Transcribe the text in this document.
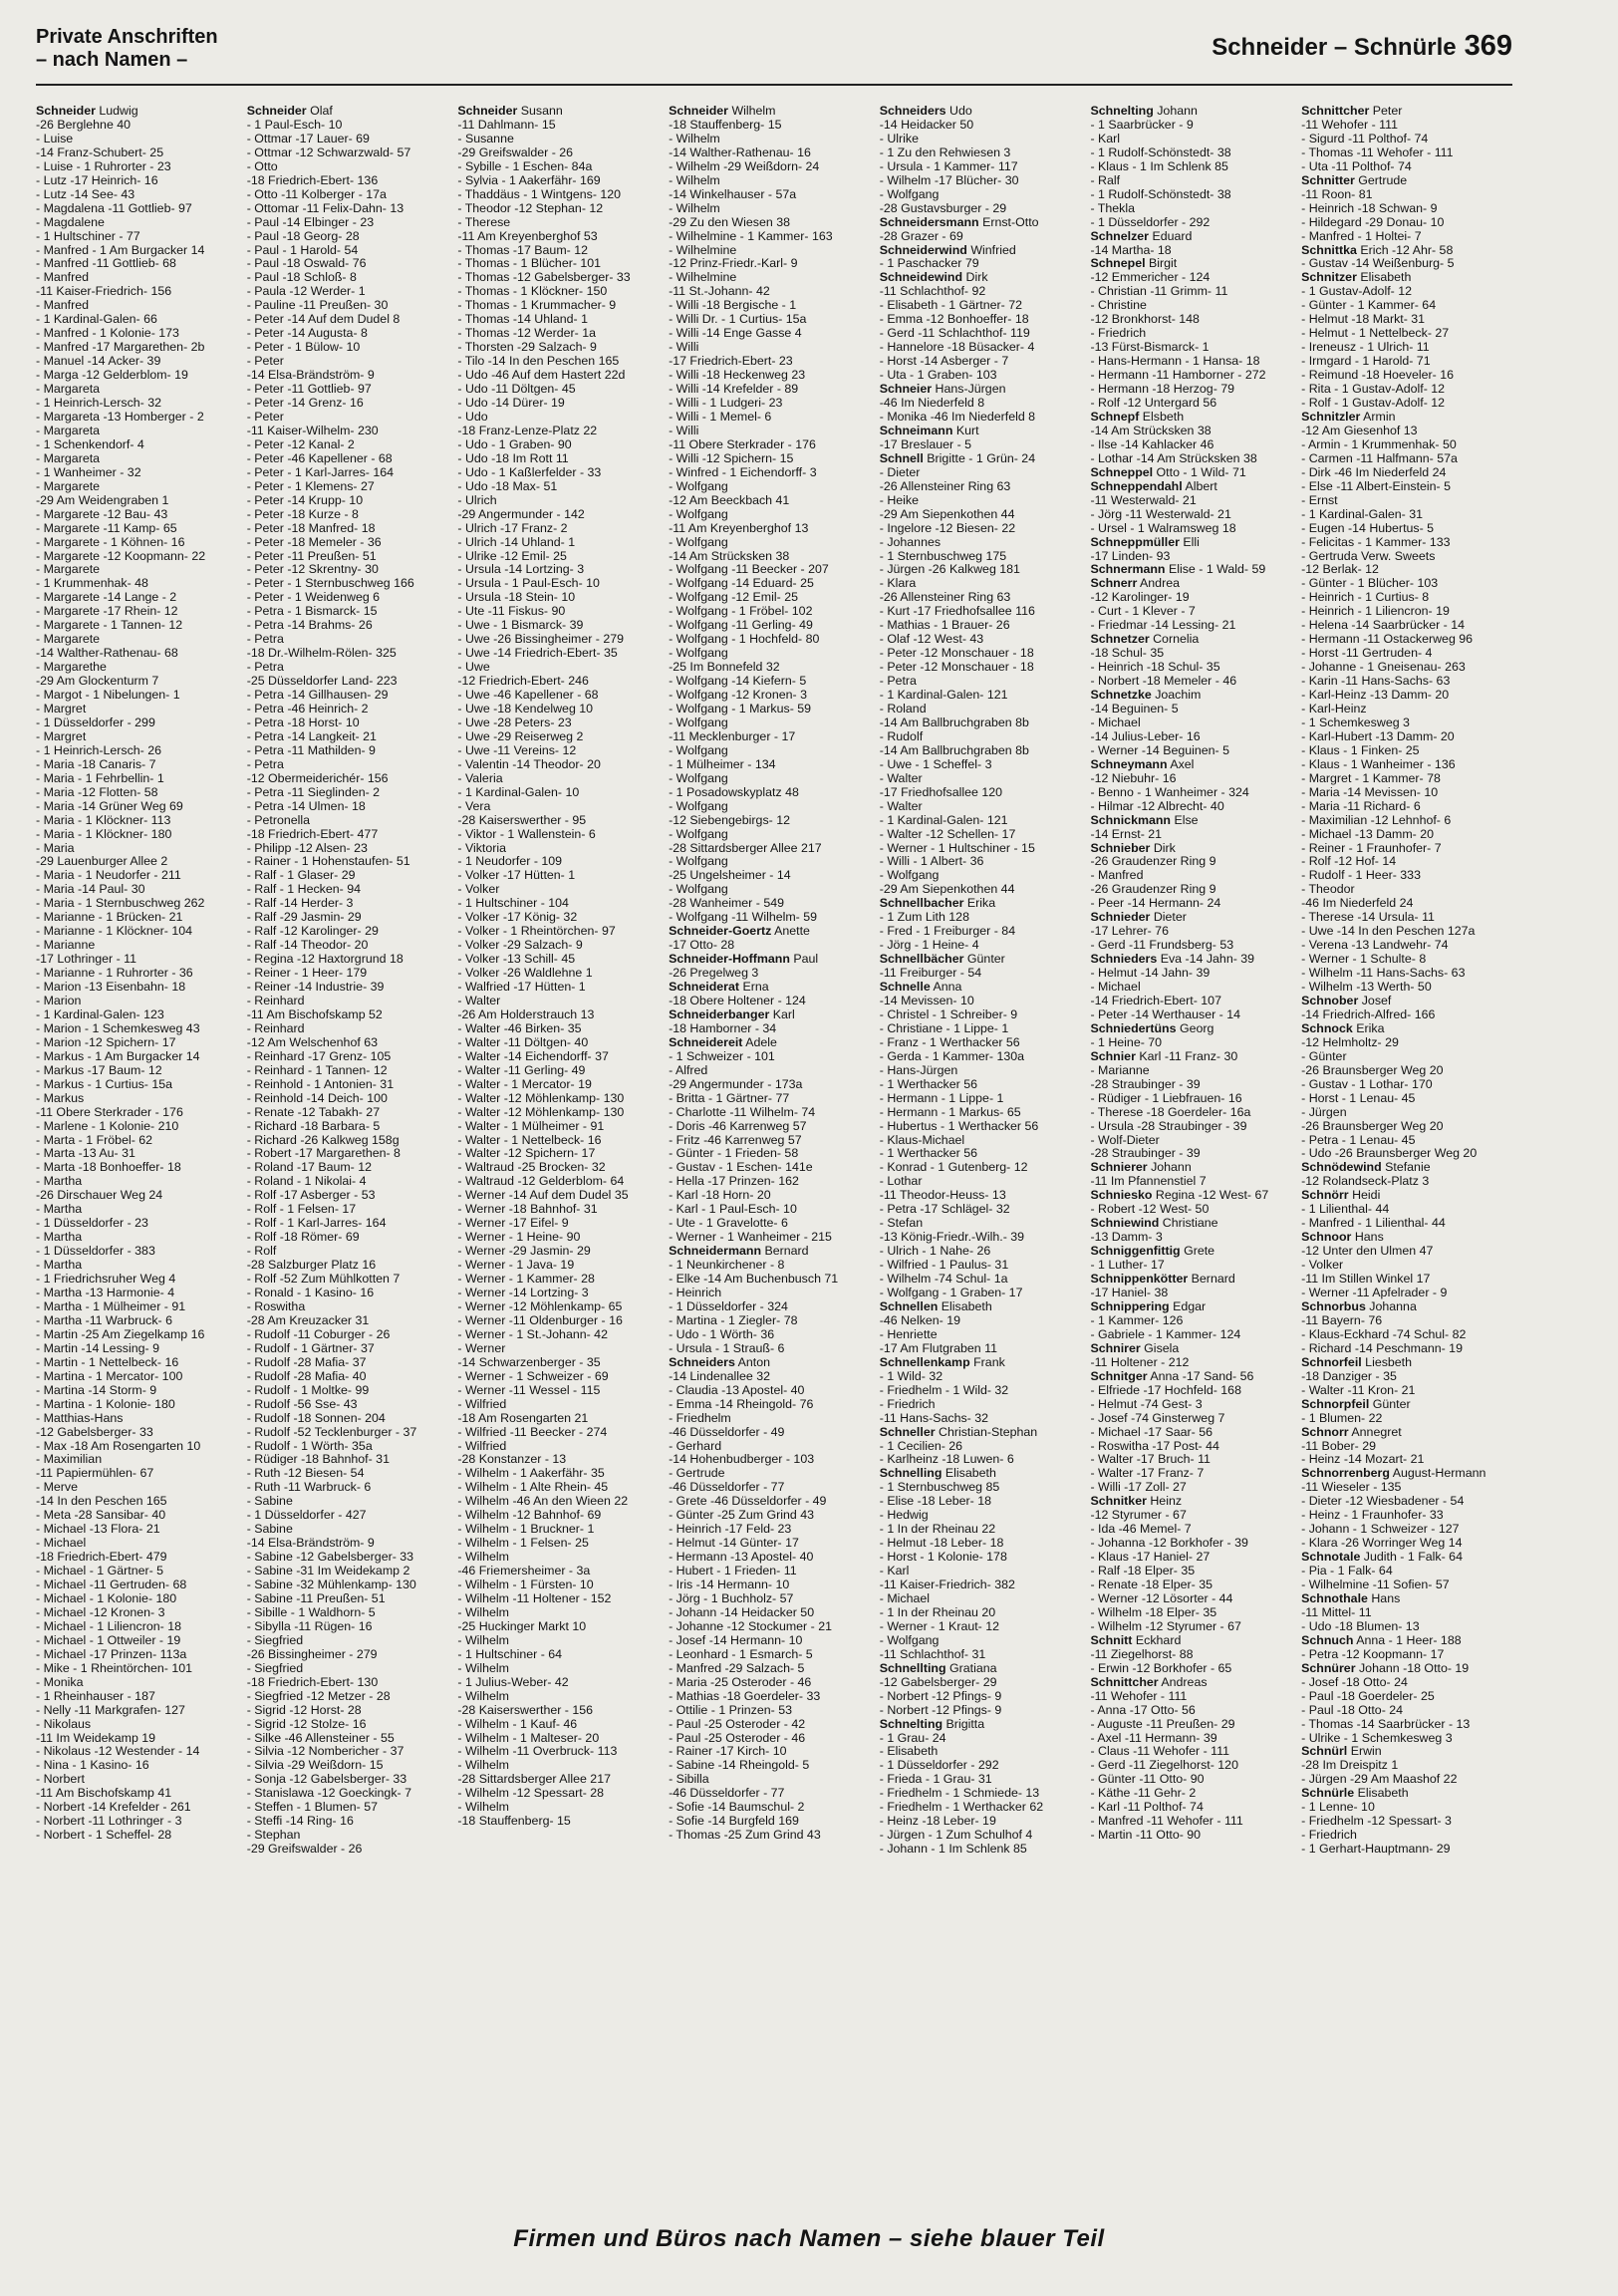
Private Anschriften
– nach Namen –	Schneider – Schnürle 369
Schneider Ludwig
-26 Berglehne 40
- Luise
-14 Franz-Schubert- 25
- Luise - 1 Ruhrorter - 23
- Lutz -17 Heinrich- 16
- Lutz -14 See- 43
- Magdalena -11 Gottlieb- 97
- Magdalene
- 1 Hultschiner - 77
- Manfred - 1 Am Burgacker 14
- Manfred -11 Gottlieb- 68
- Manfred
-11 Kaiser-Friedrich- 156
- Manfred
- 1 Kardinal-Galen- 66
- Manfred - 1 Kolonie- 173
- Manfred -17 Margarethen- 2b
- Manuel -14 Acker- 39
- Marga -12 Gelderblom- 19
- Margareta
- 1 Heinrich-Lersch- 32
- Margareta -13 Homberger - 2
- Margareta
- 1 Schenkendorf- 4
- Margareta
- 1 Wanheimer - 32
- Margarete
-29 Am Weidengraben 1
- Margarete -12 Bau- 43
- Margarete -11 Kamp- 65
- Margarete - 1 Köhnen- 16
- Margarete -12 Koopmann- 22
- Margarete
- 1 Krummenhak- 48
- Margarete -14 Lange - 2
- Margarete -17 Rhein- 12
- Margarete - 1 Tannen- 12
- Margarete
-14 Walther-Rathenau- 68
- Margarethe
-29 Am Glockenturm 7
- Margot - 1 Nibelungen- 1
- Margret
- 1 Düsseldorfer - 299
- Margret
- 1 Heinrich-Lersch- 26
- Maria -18 Canaris- 7
- Maria - 1 Fehrbellin- 1
- Maria -12 Flotten- 58
- Maria -14 Grüner Weg 69
- Maria - 1 Klöckner- 113
- Maria - 1 Klöckner- 180
- Maria
-29 Lauenburger Allee 2
- Maria - 1 Neudorfer - 211
- Maria -14 Paul- 30
- Maria - 1 Sternbuschweg 262
- Marianne - 1 Brücken- 21
- Marianne - 1 Klöckner- 104
- Marianne
-17 Lothringer - 11
- Marianne - 1 Ruhrorter - 36
- Marion -13 Eisenbahn- 18
- Marion
- 1 Kardinal-Galen- 123
- Marion - 1 Schemkesweg 43
- Marion -12 Spichern- 17
- Markus - 1 Am Burgacker 14
- Markus -17 Baum- 12
- Markus - 1 Curtius- 15a
- Markus
-11 Obere Sterkrader - 176
- Marlene - 1 Kolonie- 210
- Marta - 1 Fröbel- 62
- Marta -13 Au- 31
- Marta -18 Bonhoeffer- 18
- Martha
-26 Dirschauer Weg 24
- Martha
- 1 Düsseldorfer - 23
- Martha
- 1 Düsseldorfer - 383
- Martha
- 1 Friedrichsruher Weg 4
- Martha -13 Harmonie- 4
- Martha - 1 Mülheimer - 91
- Martha -11 Warbruck- 6
- Martin -25 Am Ziegelkamp 16
- Martin -14 Lessing- 9
- Martin - 1 Nettelbeck- 16
- Martina - 1 Mercator- 100
- Martina -14 Storm- 9
- Martina - 1 Kolonie- 180
- Matthias-Hans
-12 Gabelsberger- 33
- Max -18 Am Rosengarten 10
- Maximilian
-11 Papiermühlen- 67
- Merve
-14 In den Peschen 165
- Meta -28 Sansibar- 40
- Michael -13 Flora- 21
- Michael
-18 Friedrich-Ebert- 479
- Michael - 1 Gärtner- 5
- Michael -11 Gertruden- 68
- Michael - 1 Kolonie- 180
- Michael -12 Kronen- 3
- Michael - 1 Liliencron- 18
- Michael - 1 Ottweiler - 19
- Michael -17 Prinzen- 113a
- Mike - 1 Rheintörchen- 101
- Monika
- 1 Rheinhauser - 187
- Nelly -11 Markgrafen- 127
- Nikolaus
-11 Im Weidekamp 19
- Nikolaus -12 Westender - 14
- Nina - 1 Kasino- 16
- Norbert
-11 Am Bischofskamp 41
- Norbert -14 Krefelder - 261
- Norbert -11 Lothringer - 3
- Norbert - 1 Scheffel- 28
Schneider Olaf
- 1 Paul-Esch- 10
- Ottmar -17 Lauer- 69
- Ottmar -12 Schwarzwald- 57
- Otto
-18 Friedrich-Ebert- 136
- Otto -11 Kolberger - 17a
- Ottomar -11 Felix-Dahn- 13
- Paul -14 Elbinger - 23
- Paul -18 Georg- 28
- Paul - 1 Harold- 54
- Paul -18 Oswald- 76
- Paul -18 Schloß- 8
- Paula -12 Werder- 1
- Pauline -11 Preußen- 30
- Peter -14 Auf dem Dudel 8
- Peter -14 Augusta- 8
- Peter - 1 Bülow- 10
- Peter
-14 Elsa-Brändström- 9
- Peter -11 Gottlieb- 97
- Peter -14 Grenz- 16
- Peter
-11 Kaiser-Wilhelm- 230
- Peter -12 Kanal- 2
- Peter -46 Kapellener - 68
- Peter - 1 Karl-Jarres- 164
- Peter - 1 Klemens- 27
- Peter -14 Krupp- 10
- Peter -18 Kurze - 8
- Peter -18 Manfred- 18
- Peter -18 Memeler - 36
- Peter -11 Preußen- 51
- Peter -12 Skrentny- 30
- Peter - 1 Sternbuschweg 166
- Peter - 1 Weidenweg 6
- Petra - 1 Bismarck- 15
- Petra -14 Brahms- 26
- Petra
-18 Dr.-Wilhelm-Rölen- 325
- Petra
-25 Düsseldorfer Land- 223
- Petra -14 Gillhausen- 29
- Petra -46 Heinrich- 2
- Petra -18 Horst- 10
- Petra -14 Langkeit- 21
- Petra -11 Mathilden- 9
- Petra
-12 Obermeiderichér- 156
- Petra -11 Sieglinden- 2
- Petra -14 Ulmen- 18
- Petronella
-18 Friedrich-Ebert- 477
- Philipp -12 Alsen- 23
- Rainer - 1 Hohenstaufen- 51
- Ralf - 1 Glaser- 29
- Ralf - 1 Hecken- 94
- Ralf -14 Herder- 3
- Ralf -29 Jasmin- 29
- Ralf -12 Karolinger- 29
- Ralf -14 Theodor- 20
- Regina -12 Haxtorgrund 18
- Reiner - 1 Heer- 179
- Reiner -14 Industrie- 39
- Reinhard
-11 Am Bischofskamp 52
- Reinhard
-12 Am Welschenhof 63
- Reinhard -17 Grenz- 105
- Reinhard - 1 Tannen- 12
- Reinhold - 1 Antonien- 31
- Reinhold -14 Deich- 100
- Renate -12 Tabakh- 27
- Richard -18 Barbara- 5
- Richard -26 Kalkweg 158g
- Robert -17 Margarethen- 8
- Roland -17 Baum- 12
- Roland - 1 Nikolai- 4
- Rolf -17 Asberger - 53
- Rolf - 1 Felsen- 17
- Rolf - 1 Karl-Jarres- 164
- Rolf -18 Römer- 69
- Rolf
-28 Salzburger Platz 16
- Rolf -52 Zum Mühlkotten 7
- Ronald - 1 Kasino- 16
- Roswitha
-28 Am Kreuzacker 31
- Rudolf -11 Coburger - 26
- Rudolf - 1 Gärtner- 37
- Rudolf -28 Mafia- 37
- Rudolf -28 Mafia- 40
- Rudolf - 1 Moltke- 99
- Rudolf -56 Sse- 43
- Rudolf -18 Sonnen- 204
- Rudolf -52 Tecklenburger - 37
- Rudolf - 1 Wörth- 35a
- Rüdiger -18 Bahnhof- 31
- Ruth -12 Biesen- 54
- Ruth -11 Warbruck- 6
- Sabine
- 1 Düsseldorfer - 427
- Sabine
-14 Elsa-Brändström- 9
- Sabine -12 Gabelsberger- 33
- Sabine -31 Im Weidekamp 2
- Sabine -32 Mühlenkamp- 130
- Sabine -11 Preußen- 51
- Sibille - 1 Waldhorn- 5
- Sibylla -11 Rügen- 16
- Siegfried
-26 Bissingheimer - 279
- Siegfried
-18 Friedrich-Ebert- 130
- Siegfried -12 Metzer - 28
- Sigrid -12 Horst- 28
- Sigrid -12 Stolze- 16
- Silke -46 Allensteiner - 55
- Silvia -12 Nombericher - 37
- Silvia -29 Weißdorn- 15
- Sonja -12 Gabelsberger- 33
- Stanislawa -12 Goeckingk- 7
- Steffen - 1 Blumen- 57
- Steffi -14 Ring- 16
- Stephan
-29 Greifswalder - 26
Schneider Susann
-11 Dahlmann- 15
- Susanne
-29 Greifswalder - 26
- Sybille - 1 Eschen- 84a
- Sylvia - 1 Aakerfähr- 169
- Thaddäus - 1 Wintgens- 120
- Theodor -12 Stephan- 12
- Therese
-11 Am Kreyenberghof 53
- Thomas -17 Baum- 12
- Thomas - 1 Blücher- 101
- Thomas -12 Gabelsberger- 33
- Thomas - 1 Klöckner- 150
- Thomas - 1 Krummacher- 9
- Thomas -14 Uhland- 1
- Thomas -12 Werder- 1a
- Thorsten -29 Salzach- 9
- Tilo -14 In den Peschen 165
- Udo -46 Auf dem Hastert 22d
- Udo -11 Döltgen- 45
- Udo -14 Dürer- 19
- Udo
-18 Franz-Lenze-Platz 22
- Udo - 1 Graben- 90
- Udo -18 Im Rott 11
- Udo - 1 Kaßlerfelder - 33
- Udo -18 Max- 51
- Ulrich
-29 Angermunder - 142
- Ulrich -17 Franz- 2
- Ulrich -14 Uhland- 1
- Ulrike -12 Emil- 25
- Ursula -14 Lortzing- 3
- Ursula - 1 Paul-Esch- 10
- Ursula -18 Stein- 10
- Ute -11 Fiskus- 90
- Uwe - 1 Bismarck- 39
- Uwe -26 Bissingheimer - 279
- Uwe -14 Friedrich-Ebert- 35
- Uwe
-12 Friedrich-Ebert- 246
- Uwe -46 Kapellener - 68
- Uwe -18 Kendelweg 10
- Uwe -28 Peters- 23
- Uwe -29 Reiserweg 2
- Uwe -11 Vereins- 12
- Valentin -14 Theodor- 20
- Valeria
- 1 Kardinal-Galen- 10
- Vera
-28 Kaiserswerther - 95
- Viktor - 1 Wallenstein- 6
- Viktoria
- 1 Neudorfer - 109
- Volker -17 Hütten- 1
- Volker
- 1 Hultschiner - 104
- Volker -17 König- 32
- Volker - 1 Rheintörchen- 97
- Volker -29 Salzach- 9
- Volker -13 Schill- 45
- Volker -26 Waldlehne 1
- Walfried -17 Hütten- 1
- Walter
-26 Am Holderstrauch 13
- Walter -46 Birken- 35
- Walter -11 Döltgen- 40
- Walter -14 Eichendorff- 37
- Walter -11 Gerling- 49
- Walter - 1 Mercator- 19
- Walter -12 Möhlenkamp- 130
- Walter -12 Möhlenkamp- 130
- Walter - 1 Mülheimer - 91
- Walter - 1 Nettelbeck- 16
- Walter -12 Spichern- 17
- Waltraud -25 Brocken- 32
- Waltraud -12 Gelderblom- 64
- Werner -14 Auf dem Dudel 35
- Werner -18 Bahnhof- 31
- Werner -17 Eifel- 9
- Werner - 1 Heine- 90
- Werner -29 Jasmin- 29
- Werner - 1 Java- 19
- Werner - 1 Kammer- 28
- Werner -14 Lortzing- 3
- Werner -12 Möhlenkamp- 65
- Werner -11 Oldenburger - 16
- Werner - 1 St.-Johann- 42
- Werner
-14 Schwarzenberger - 35
- Werner - 1 Schweizer - 69
- Werner -11 Wessel - 115
- Wilfried
-18 Am Rosengarten 21
- Wilfried -11 Beecker - 274
- Wilfried
-28 Konstanzer - 13
- Wilhelm - 1 Aakerfähr- 35
- Wilhelm - 1 Alte Rhein- 45
- Wilhelm -46 An den Wieen 22
- Wilhelm -12 Bahnhof- 69
- Wilhelm - 1 Bruckner- 1
- Wilhelm - 1 Felsen- 25
- Wilhelm
-46 Friemersheimer - 3a
- Wilhelm - 1 Fürsten- 10
- Wilhelm -11 Holtener - 152
- Wilhelm
-25 Huckinger Markt 10
- Wilhelm
- 1 Hultschiner - 64
- Wilhelm
- 1 Julius-Weber- 42
- Wilhelm
-28 Kaiserswerther - 156
- Wilhelm - 1 Kauf- 46
- Wilhelm - 1 Malteser- 20
- Wilhelm -11 Overbruck- 113
- Wilhelm
-28 Sittardsberger Allee 217
- Wilhelm -12 Spessart- 28
- Wilhelm
-18 Stauffenberg- 15
Schneider Wilhelm
-18 Stauffenberg- 15
- Wilhelm
-14 Walther-Rathenau- 16
- Wilhelm -29 Weißdorn- 24
- Wilhelm
-14 Winkelhauser - 57a
- Wilhelm
-29 Zu den Wiesen 38
- Wilhelmine - 1 Kammer- 163
- Wilhelmine
-12 Prinz-Friedr.-Karl- 9
- Wilhelmine
-11 St.-Johann- 42
- Willi -18 Bergische - 1
- Willi Dr. - 1 Curtius- 15a
- Willi -14 Enge Gasse 4
- Willi
-17 Friedrich-Ebert- 23
- Willi -18 Heckenweg 23
- Willi -14 Krefelder - 89
- Willi - 1 Ludgeri- 23
- Willi - 1 Memel- 6
- Willi
-11 Obere Sterkrader - 176
- Willi -12 Spichern- 15
- Winfred - 1 Eichendorff- 3
- Wolfgang
-12 Am Beeckbach 41
- Wolfgang
-11 Am Kreyenberghof 13
- Wolfgang
-14 Am Strücksken 38
- Wolfgang -11 Beecker - 207
- Wolfgang -14 Eduard- 25
- Wolfgang -12 Emil- 25
- Wolfgang - 1 Fröbel- 102
- Wolfgang -11 Gerling- 49
- Wolfgang - 1 Hochfeld- 80
- Wolfgang
-25 Im Bonnefeld 32
- Wolfgang -14 Kiefern- 5
- Wolfgang -12 Kronen- 3
- Wolfgang - 1 Markus- 59
- Wolfgang
-11 Mecklenburger - 17
- Wolfgang
- 1 Mülheimer - 134
- Wolfgang
- 1 Posadowskyplatz 48
- Wolfgang
-12 Siebengebirgs- 12
- Wolfgang
-28 Sittardsberger Allee 217
- Wolfgang
-25 Ungelsheimer - 14
- Wolfgang
-28 Wanheimer - 549
- Wolfgang -11 Wilhelm- 59
Schneider-Goertz Anette
-17 Otto- 28
Schneider-Hoffmann Paul
-26 Pregelweg 3
Schneiderat Erna
-18 Obere Holtener - 124
Schneiderbanger Karl
-18 Hamborner - 34
Schneidereit Adele
- 1 Schweizer - 101
- Alfred
-29 Angermunder - 173a
- Britta - 1 Gärtner- 77
- Charlotte -11 Wilhelm- 74
- Doris -46 Karrenweg 57
- Fritz -46 Karrenweg 57
- Günter - 1 Frieden- 58
- Gustav - 1 Eschen- 141e
- Hella -17 Prinzen- 162
- Karl -18 Horn- 20
- Karl - 1 Paul-Esch- 10
- Ute - 1 Gravelotte- 6
- Werner - 1 Wanheimer - 215
Schneidermann Bernard
- 1 Neunkirchener - 8
- Elke -14 Am Buchenbusch 71
- Heinrich
- 1 Düsseldorfer - 324
- Martina - 1 Ziegler- 78
- Udo - 1 Wörth- 36
- Ursula - 1 Strauß- 6
Schneiders Anton
-14 Lindenallee 32
- Claudia -13 Apostel- 40
- Emma -14 Rheingold- 76
- Friedhelm
-46 Düsseldorfer - 49
- Gerhard
-14 Hohenbudberger - 103
- Gertrude
-46 Düsseldorfer - 77
- Grete -46 Düsseldorfer - 49
- Günter -25 Zum Grind 43
- Heinrich -17 Feld- 23
- Helmut -14 Günter- 17
- Hermann -13 Apostel- 40
- Hubert - 1 Frieden- 11
- Iris -14 Hermann- 10
- Jörg - 1 Buchholz- 57
- Johann -14 Heidacker 50
- Johanne -12 Stockumer - 21
- Josef -14 Hermann- 10
- Leonhard - 1 Esmarch- 5
- Manfred -29 Salzach- 5
- Maria -25 Osteroder - 46
- Mathias -18 Goerdeler- 33
- Ottilie - 1 Prinzen- 53
- Paul -25 Osteroder - 42
- Paul -25 Osteroder - 46
- Rainer -17 Kirch- 10
- Sabine -14 Rheingold- 5
- Sibilla
-46 Düsseldorfer - 77
- Sofie -14 Baumschul- 2
- Sofie -14 Burgfeld 169
- Thomas -25 Zum Grind 43
Schneiders Udo
-14 Heidacker 50
- Ulrike
- 1 Zu den Rehwiesen 3
- Ursula - 1 Kammer- 117
- Wilhelm -17 Blücher- 30
- Wolfgang
-28 Gustavsburger - 29
Schneidersmann Ernst-Otto
-28 Grazer - 69
Schneiderwind Winfried
- 1 Paschacker 79
Schneidewind Dirk
-11 Schlachthof- 92
- Elisabeth - 1 Gärtner- 72
- Emma -12 Bonhoeffer- 18
- Gerd -11 Schlachthof- 119
- Hannelore -18 Büsacker- 4
- Horst -14 Asberger - 7
- Uta - 1 Graben- 103
Schneier Hans-Jürgen
-46 Im Niederfeld 8
- Monika -46 Im Niederfeld 8
Schneimann Kurt
-17 Breslauer - 5
Schnell Brigitte - 1 Grün- 24
- Dieter
-26 Allensteiner Ring 63
- Heike
-29 Am Siepenkothen 44
- Ingelore -12 Biesen- 22
- Johannes
- 1 Sternbuschweg 175
- Jürgen -26 Kalkweg 181
- Klara
-26 Allensteiner Ring 63
- Kurt -17 Friedhofsallee 116
- Mathias - 1 Brauer- 26
- Olaf -12 West- 43
- Peter -12 Monschauer - 18
- Peter -12 Monschauer - 18
- Petra
- 1 Kardinal-Galen- 121
- Roland
-14 Am Ballbruchgraben 8b
- Rudolf
-14 Am Ballbruchgraben 8b
- Uwe - 1 Scheffel- 3
- Walter
-17 Friedhofsallee 120
- Walter
- 1 Kardinal-Galen- 121
- Walter -12 Schellen- 17
- Werner - 1 Hultschiner - 15
- Willi - 1 Albert- 36
- Wolfgang
-29 Am Siepenkothen 44
Schnellbacher Erika
- 1 Zum Lith 128
- Fred - 1 Freiburger - 84
- Jörg - 1 Heine- 4
Schnellbächer Günter
-11 Freiburger - 54
Schnelle Anna
-14 Mevissen- 10
- Christel - 1 Schreiber- 9
- Christiane - 1 Lippe- 1
- Franz - 1 Werthacker 56
- Gerda - 1 Kammer- 130a
- Hans-Jürgen
- 1 Werthacker 56
- Hermann - 1 Lippe- 1
- Hermann - 1 Markus- 65
- Hubertus - 1 Werthacker 56
- Klaus-Michael
- 1 Werthacker 56
- Konrad - 1 Gutenberg- 12
- Lothar
-11 Theodor-Heuss- 13
- Petra -17 Schlägel- 32
- Stefan
-13 König-Friedr.-Wilh.- 39
- Ulrich - 1 Nahe- 26
- Wilfried - 1 Paulus- 31
- Wilhelm -74 Schul- 1a
- Wolfgang - 1 Graben- 17
Schnellen Elisabeth
-46 Nelken- 19
- Henriette
-17 Am Flutgraben 11
Schnellenkamp Frank
- 1 Wild- 32
- Friedhelm - 1 Wild- 32
- Friedrich
-11 Hans-Sachs- 32
Schneller Christian-Stephan
- 1 Cecilien- 26
- Karlheinz -18 Luwen- 6
Schnelling Elisabeth
- 1 Sternbuschweg 85
- Elise -18 Leber- 18
- Hedwig
- 1 In der Rheinau 22
- Helmut -18 Leber- 18
- Horst - 1 Kolonie- 178
- Karl
-11 Kaiser-Friedrich- 382
- Michael
- 1 In der Rheinau 20
- Werner - 1 Kraut- 12
- Wolfgang
-11 Schlachthof- 31
Schnellting Gratiana
-12 Gabelsberger- 29
- Norbert -12 Pfings- 9
- Norbert -12 Pfings- 9
Schnelting Brigitta
- 1 Grau- 24
- Elisabeth
- 1 Düsseldorfer - 292
- Frieda - 1 Grau- 31
- Friedhelm - 1 Schmiede- 13
- Friedhelm - 1 Werthacker 62
- Heinz -18 Leber- 19
- Jürgen - 1 Zum Schulhof 4
- Johann - 1 Im Schlenk 85
Schnelting Johann
- 1 Saarbrücker - 9
- Karl
- 1 Rudolf-Schönstedt- 38
- Klaus - 1 Im Schlenk 85
- Ralf
- 1 Rudolf-Schönstedt- 38
- Thekla
- 1 Düsseldorfer - 292
Schnelzer Eduard
-14 Martha- 18
Schnepel Birgit
-12 Emmericher - 124
- Christian -11 Grimm- 11
- Christine
-12 Bronkhorst- 148
- Friedrich
-13 Fürst-Bismarck- 1
- Hans-Hermann - 1 Hansa- 18
- Hermann -11 Hamborner - 272
- Hermann -18 Herzog- 79
- Rolf -12 Untergard 56
Schnepf Elsbeth
-14 Am Strücksken 38
- Ilse -14 Kahlacker 46
- Lothar -14 Am Strücksken 38
Schneppel Otto - 1 Wild- 71
Schneppendahl Albert
-11 Westerwald- 21
- Jörg -11 Westerwald- 21
- Ursel - 1 Walramsweg 18
Schneppmüller Elli
-17 Linden- 93
Schnermann Elise - 1 Wald- 59
Schnerr Andrea
-12 Karolinger- 19
- Curt - 1 Klever - 7
- Friedmar -14 Lessing- 21
Schnetzer Cornelia
-18 Schul- 35
- Heinrich -18 Schul- 35
- Norbert -18 Memeler - 46
Schnetzke Joachim
-14 Beguinen- 5
- Michael
-14 Julius-Leber- 16
- Werner -14 Beguinen- 5
Schneymann Axel
-12 Niebuhr- 16
- Benno - 1 Wanheimer - 324
- Hilmar -12 Albrecht- 40
Schnickmann Else
-14 Ernst- 21
Schnieber Dirk
-26 Graudenzer Ring 9
- Manfred
-26 Graudenzer Ring 9
- Peer -14 Hermann- 24
Schnieder Dieter
-17 Lehrer- 76
- Gerd -11 Frundsberg- 53
Schnieders Eva -14 Jahn- 39
- Helmut -14 Jahn- 39
- Michael
-14 Friedrich-Ebert- 107
- Peter -14 Werthauser - 14
Schniedertüns Georg
- 1 Heine- 70
Schnier Karl -11 Franz- 30
- Marianne
-28 Straubinger - 39
- Rüdiger - 1 Liebfrauen- 16
- Therese -18 Goerdeler- 16a
- Ursula -28 Straubinger - 39
- Wolf-Dieter
-28 Straubinger - 39
Schnierer Johann
-11 Im Pfannenstiel 7
Schniesko Regina -12 West- 67
- Robert -12 West- 50
Schniewind Christiane
-13 Damm- 3
Schniggenfittig Grete
- 1 Luther- 17
Schnippenkötter Bernard
-17 Haniel- 38
Schnippering Edgar
- 1 Kammer- 126
- Gabriele - 1 Kammer- 124
Schnirer Gisela
-11 Holtener - 212
Schnitger Anna -17 Sand- 56
- Elfriede -17 Hochfeld- 168
- Helmut -74 Gest- 3
- Josef -74 Ginsterweg 7
- Michael -17 Saar- 56
- Roswitha -17 Post- 44
- Walter -17 Bruch- 11
- Walter -17 Franz- 7
- Willi -17 Zoll- 27
Schnitker Heinz
-12 Styrumer - 67
- Ida -46 Memel- 7
- Johanna -12 Borkhofer - 39
- Klaus -17 Haniel- 27
- Ralf -18 Elper- 35
- Renate -18 Elper- 35
- Werner -12 Lösorter - 44
- Wilhelm -18 Elper- 35
- Wilhelm -12 Styrumer - 67
Schnitt Eckhard
-11 Ziegelhorst- 88
- Erwin -12 Borkhofer - 65
Schnittcher Andreas
-11 Wehofer - 111
- Anna -17 Otto- 56
- Auguste -11 Preußen- 29
- Axel -11 Hermann- 39
- Claus -11 Wehofer - 111
- Gerd -11 Ziegelhorst- 120
- Günter -11 Otto- 90
- Käthe -11 Gehr- 2
- Karl -11 Polthof- 74
- Manfred -11 Wehofer - 111
- Martin -11 Otto- 90
Schnittcher Peter
-11 Wehofer - 111
- Sigurd -11 Polthof- 74
- Thomas -11 Wehofer - 111
- Uta -11 Polthof- 74
Schnitter Gertrude
-11 Roon- 81
- Heinrich -18 Schwan- 9
- Hildegard -29 Donau- 10
- Manfred - 1 Holtei- 7
Schnittka Erich -12 Ahr- 58
- Gustav -14 Weißenburg- 5
Schnitzer Elisabeth
- 1 Gustav-Adolf- 12
- Günter - 1 Kammer- 64
- Helmut -18 Markt- 31
- Helmut - 1 Nettelbeck- 27
- Ireneusz - 1 Ulrich- 11
- Irmgard - 1 Harold- 71
- Reimund -18 Hoeveler- 16
- Rita - 1 Gustav-Adolf- 12
- Rolf - 1 Gustav-Adolf- 12
Schnitzler Armin
-12 Am Giesenhof 13
- Armin - 1 Krummenhak- 50
- Carmen -11 Halfmann- 57a
- Dirk -46 Im Niederfeld 24
- Else -11 Albert-Einstein- 5
- Ernst
- 1 Kardinal-Galen- 31
- Eugen -14 Hubertus- 5
- Felicitas - 1 Kammer- 133
- Gertruda Verw. Sweets
-12 Berlak- 12
- Günter - 1 Blücher- 103
- Heinrich - 1 Curtius- 8
- Heinrich - 1 Liliencron- 19
- Helena -14 Saarbrücker - 14
- Hermann -11 Ostackerweg 96
- Horst -11 Gertruden- 4
- Johanne - 1 Gneisenau- 263
- Karin -11 Hans-Sachs- 63
- Karl-Heinz -13 Damm- 20
- Karl-Heinz
- 1 Schemkesweg 3
- Karl-Hubert -13 Damm- 20
- Klaus - 1 Finken- 25
- Klaus - 1 Wanheimer - 136
- Margret - 1 Kammer- 78
- Maria -14 Mevissen- 10
- Maria -11 Richard- 6
- Maximilian -12 Lehnhof- 6
- Michael -13 Damm- 20
- Reiner - 1 Fraunhofer- 7
- Rolf -12 Hof- 14
- Rudolf - 1 Heer- 333
- Theodor
-46 Im Niederfeld 24
- Therese -14 Ursula- 11
- Uwe -14 In den Peschen 127a
- Verena -13 Landwehr- 74
- Werner - 1 Schulte- 8
- Wilhelm -11 Hans-Sachs- 63
- Wilhelm -13 Werth- 50
Schnober Josef
-14 Friedrich-Alfred- 166
Schnock Erika
-12 Helmholtz- 29
- Günter
-26 Braunsberger Weg 20
- Gustav - 1 Lothar- 170
- Horst - 1 Lenau- 45
- Jürgen
-26 Braunsberger Weg 20
- Petra - 1 Lenau- 45
- Udo -26 Braunsberger Weg 20
Schnödewind Stefanie
-12 Rolandseck-Platz 3
Schnörr Heidi
- 1 Lilienthal- 44
- Manfred - 1 Lilienthal- 44
Schnoor Hans
-12 Unter den Ulmen 47
- Volker
-11 Im Stillen Winkel 17
- Werner -11 Apfelrader - 9
Schnorbus Johanna
-11 Bayern- 76
- Klaus-Eckhard -74 Schul- 82
- Richard -14 Peschmann- 19
Schnorfeil Liesbeth
-18 Danziger - 35
- Walter -11 Kron- 21
Schnorpfeil Günter
- 1 Blumen- 22
Schnorr Annegret
-11 Bober- 29
- Heinz -14 Mozart- 21
Schnorrenberg August-Hermann
-11 Wieseler - 135
- Dieter -12 Wiesbadener - 54
- Heinz - 1 Fraunhofer- 33
- Johann - 1 Schweizer - 127
- Klara -26 Worringer Weg 14
Schnotale Judith - 1 Falk- 64
- Pia - 1 Falk- 64
- Wilhelmine -11 Sofien- 57
Schnothale Hans
-11 Mittel- 11
- Udo -18 Blumen- 13
Schnuch Anna - 1 Heer- 188
- Petra -12 Koopmann- 17
Schnürer Johann -18 Otto- 19
- Josef -18 Otto- 24
- Paul -18 Goerdeler- 25
- Paul -18 Otto- 24
- Thomas -14 Saarbrücker - 13
- Ulrike - 1 Schemkesweg 3
Schnürl Erwin
-28 Im Dreispitz 1
- Jürgen -29 Am Maashof 22
Schnürle Elisabeth
- 1 Lenne- 10
- Friedhelm -12 Spessart- 3
- Friedrich
- 1 Gerhart-Hauptmann- 29
Firmen und Büros nach Namen – siehe blauer Teil
